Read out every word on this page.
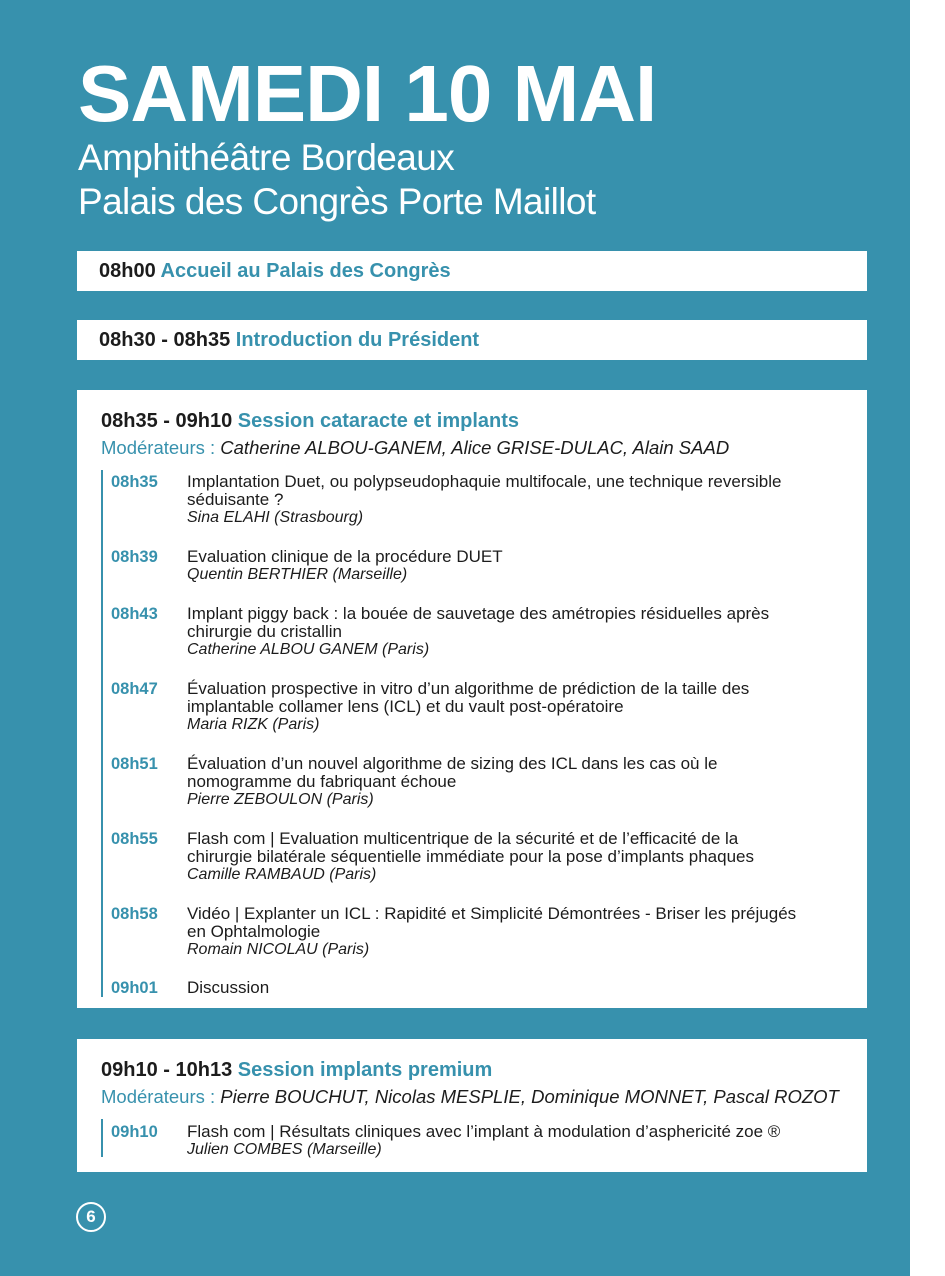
SAMEDI 10 MAI
Amphithéâtre Bordeaux
Palais des Congrès Porte Maillot
08h00 Accueil au Palais des Congrès
08h30 - 08h35 Introduction du Président
08h35 - 09h10 Session cataracte et implants
Modérateurs : Catherine ALBOU-GANEM, Alice GRISE-DULAC, Alain SAAD
08h35 Implantation Duet, ou polypseudophaquie multifocale, une technique reversible

séduisante ?

Sina ELAHI (Strasbourg)

08h39 Evaluation clinique de la procédure DUET

Quentin BERTHIER (Marseille)

08h43 Implant piggy back : la bouée de sauvetage des amétropies résiduelles après

chirurgie du cristallin

Catherine ALBOU GANEM (Paris)

08h47 Évaluation prospective in vitro d’un algorithme de prédiction de la taille des

implantable collamer lens (ICL) et du vault post-opératoire

Maria RIZK (Paris)

08h51 Évaluation d’un nouvel algorithme de sizing des ICL dans les cas où le

nomogramme du fabriquant échoue

Pierre ZEBOULON (Paris)

08h55 Flash com | Evaluation multicentrique de la sécurité et de l’efficacité de la

chirurgie bilatérale séquentielle immédiate pour la pose d’implants phaques

Camille RAMBAUD (Paris)

08h58 Vidéo | Explanter un ICL : Rapidité et Simplicité Démontrées - Briser les préjugés

en Ophtalmologie

Romain NICOLAU (Paris)

09h01 Discussion

09h10 - 10h13 Session implants premium
Modérateurs : Pierre BOUCHUT, Nicolas MESPLIE, Dominique MONNET, Pascal ROZOT
09h10 Flash com | Résultats cliniques avec l’implant à modulation d’asphericité zoe ®

Julien COMBES (Marseille)

6
